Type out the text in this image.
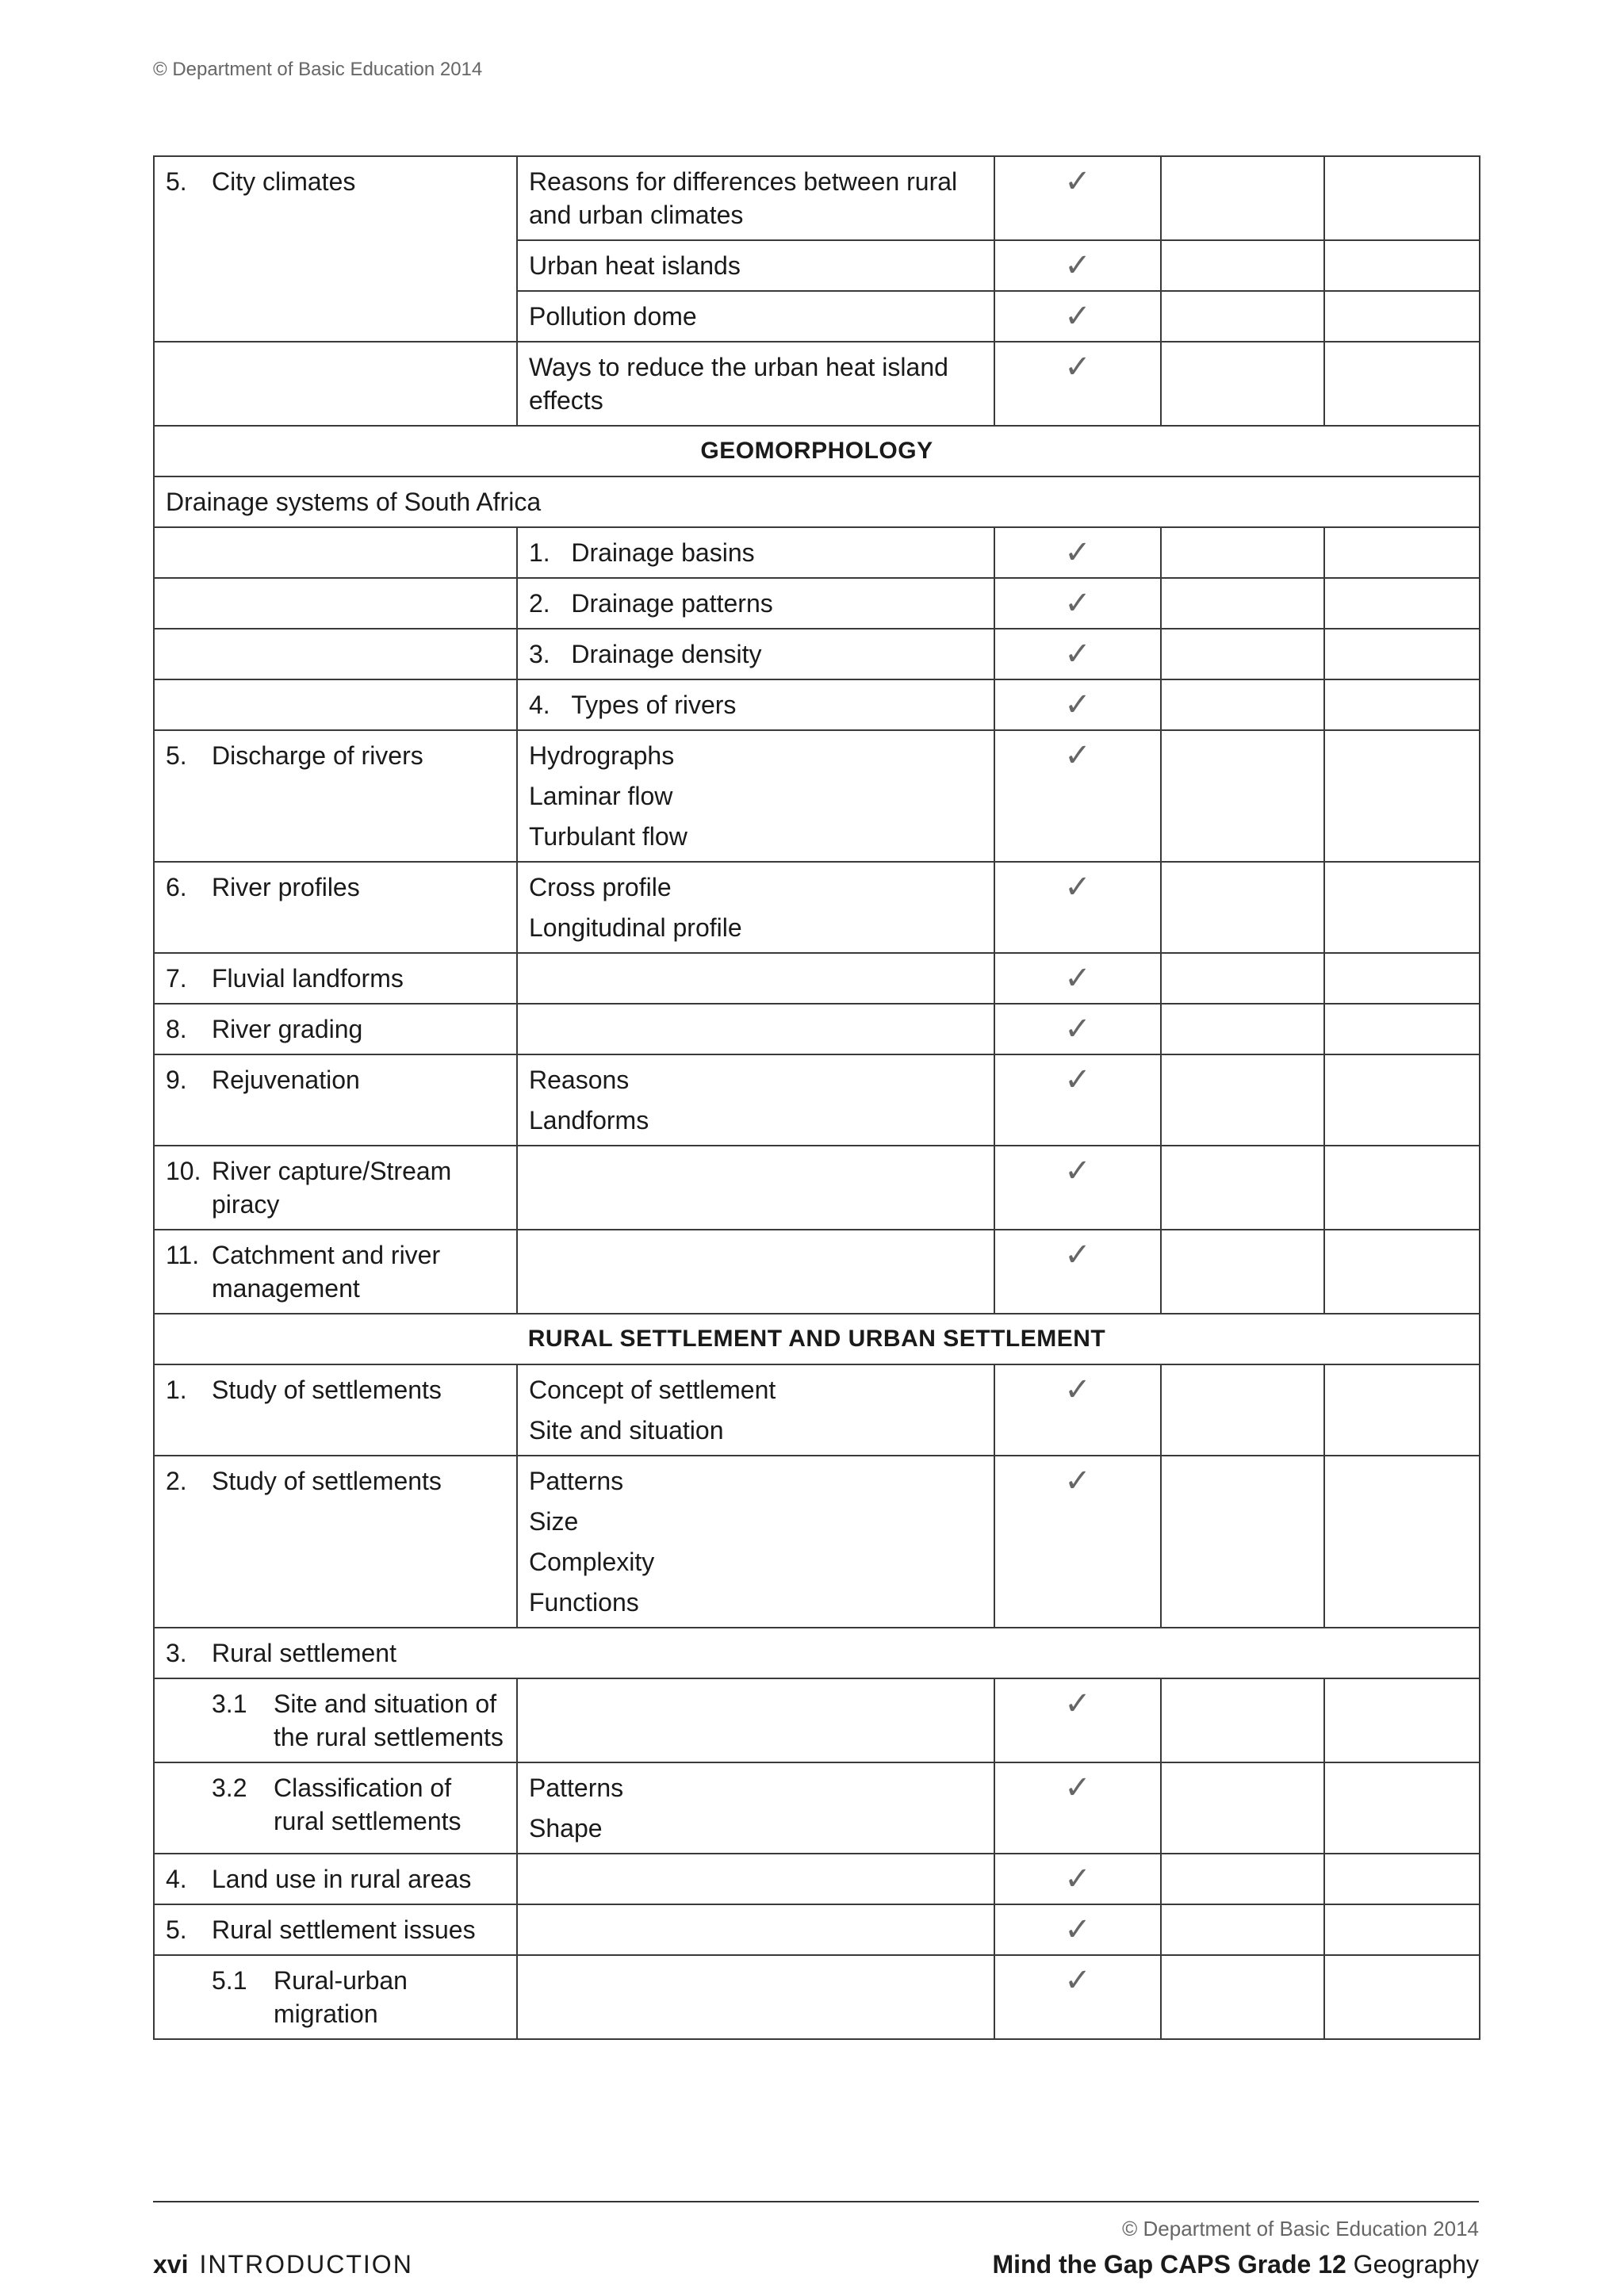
© Department of Basic Education 2014
5. City climates	Reasons for differences between rural and urban climates	✓		

	Urban heat islands	✓		

	Pollution dome	✓		

	Ways to reduce the urban heat island effects	✓		
GEOMORPHOLOGY				

Drainage systems of South Africa				

	1.   Drainage basins	✓		

	2.   Drainage patterns	✓		

	3.   Drainage density	✓		

	4.   Types of rivers	✓		

5. Discharge of rivers	Hydrographs
Laminar flow
Turbulant flow	✓		

6. River profiles	Cross profile
Longitudinal profile	✓		

7. Fluvial landforms		✓		

8. River grading		✓		

9. Rejuvenation	Reasons
Landforms	✓		

10. River capture/Stream piracy		✓		

11. Catchment and river management		✓		
RURAL SETTLEMENT AND URBAN SETTLEMENT				

1. Study of settlements	Concept of settlement
Site and situation	✓		

2. Study of settlements	Patterns
Size
Complexity
Functions	✓		

3. Rural settlement				

3.1 Site and situation of the rural settlements		✓		

3.2 Classification of rural settlements	Patterns
Shape	✓		

4. Land use in rural areas		✓		

5. Rural settlement issues		✓		

5.1 Rural-urban migration		✓		
© Department of Basic Education 2014
xvi INTRODUCTION	Mind the Gap CAPS Grade 12 Geography
